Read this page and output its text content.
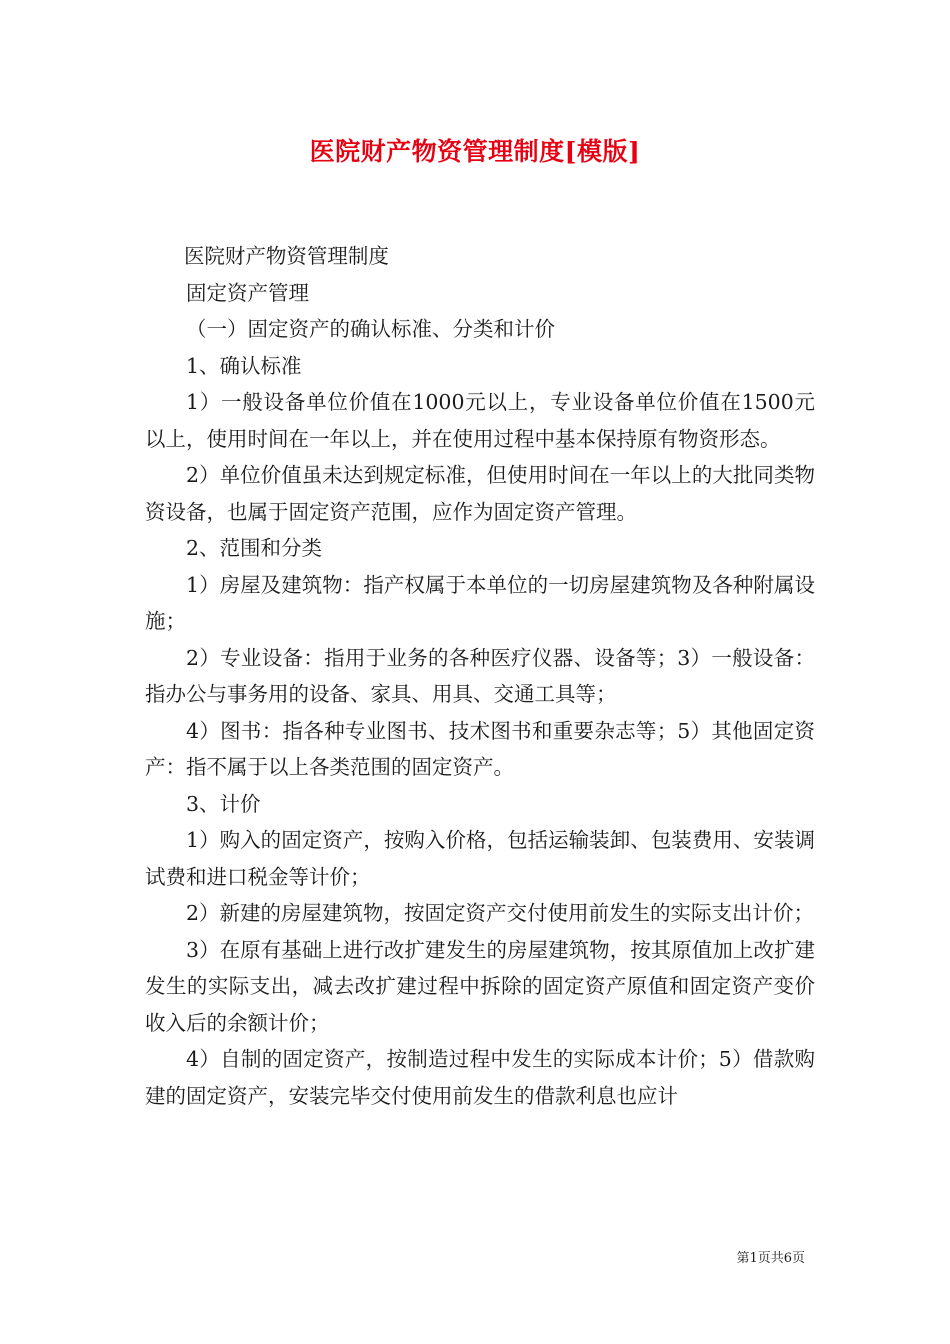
医院财产物资管理制度[模版]

医院财产物资管理制度

固定资产管理

（一）固定资产的确认标准、分类和计价

1、确认标准

1）一般设备单位价值在1000元以上，专业设备单位价值在1500元以上，使用时间在一年以上，并在使用过程中基本保持原有物资形态。

2）单位价值虽未达到规定标准，但使用时间在一年以上的大批同类物资设备，也属于固定资产范围，应作为固定资产管理。

2、范围和分类

1）房屋及建筑物：指产权属于本单位的一切房屋建筑物及各种附属设施；

2）专业设备：指用于业务的各种医疗仪器、设备等；3）一般设备：指办公与事务用的设备、家具、用具、交通工具等；

4）图书：指各种专业图书、技术图书和重要杂志等；5）其他固定资产：指不属于以上各类范围的固定资产。

3、计价

1）购入的固定资产，按购入价格，包括运输装卸、包装费用、安装调试费和进口税金等计价；

2）新建的房屋建筑物，按固定资产交付使用前发生的实际支出计价；

3）在原有基础上进行改扩建发生的房屋建筑物，按其原值加上改扩建发生的实际支出，减去改扩建过程中拆除的固定资产原值和固定资产变价收入后的余额计价；

4）自制的固定资产，按制造过程中发生的实际成本计价；5）借款购建的固定资产，安装完毕交付使用前发生的借款利息也应计

第1页共6页
